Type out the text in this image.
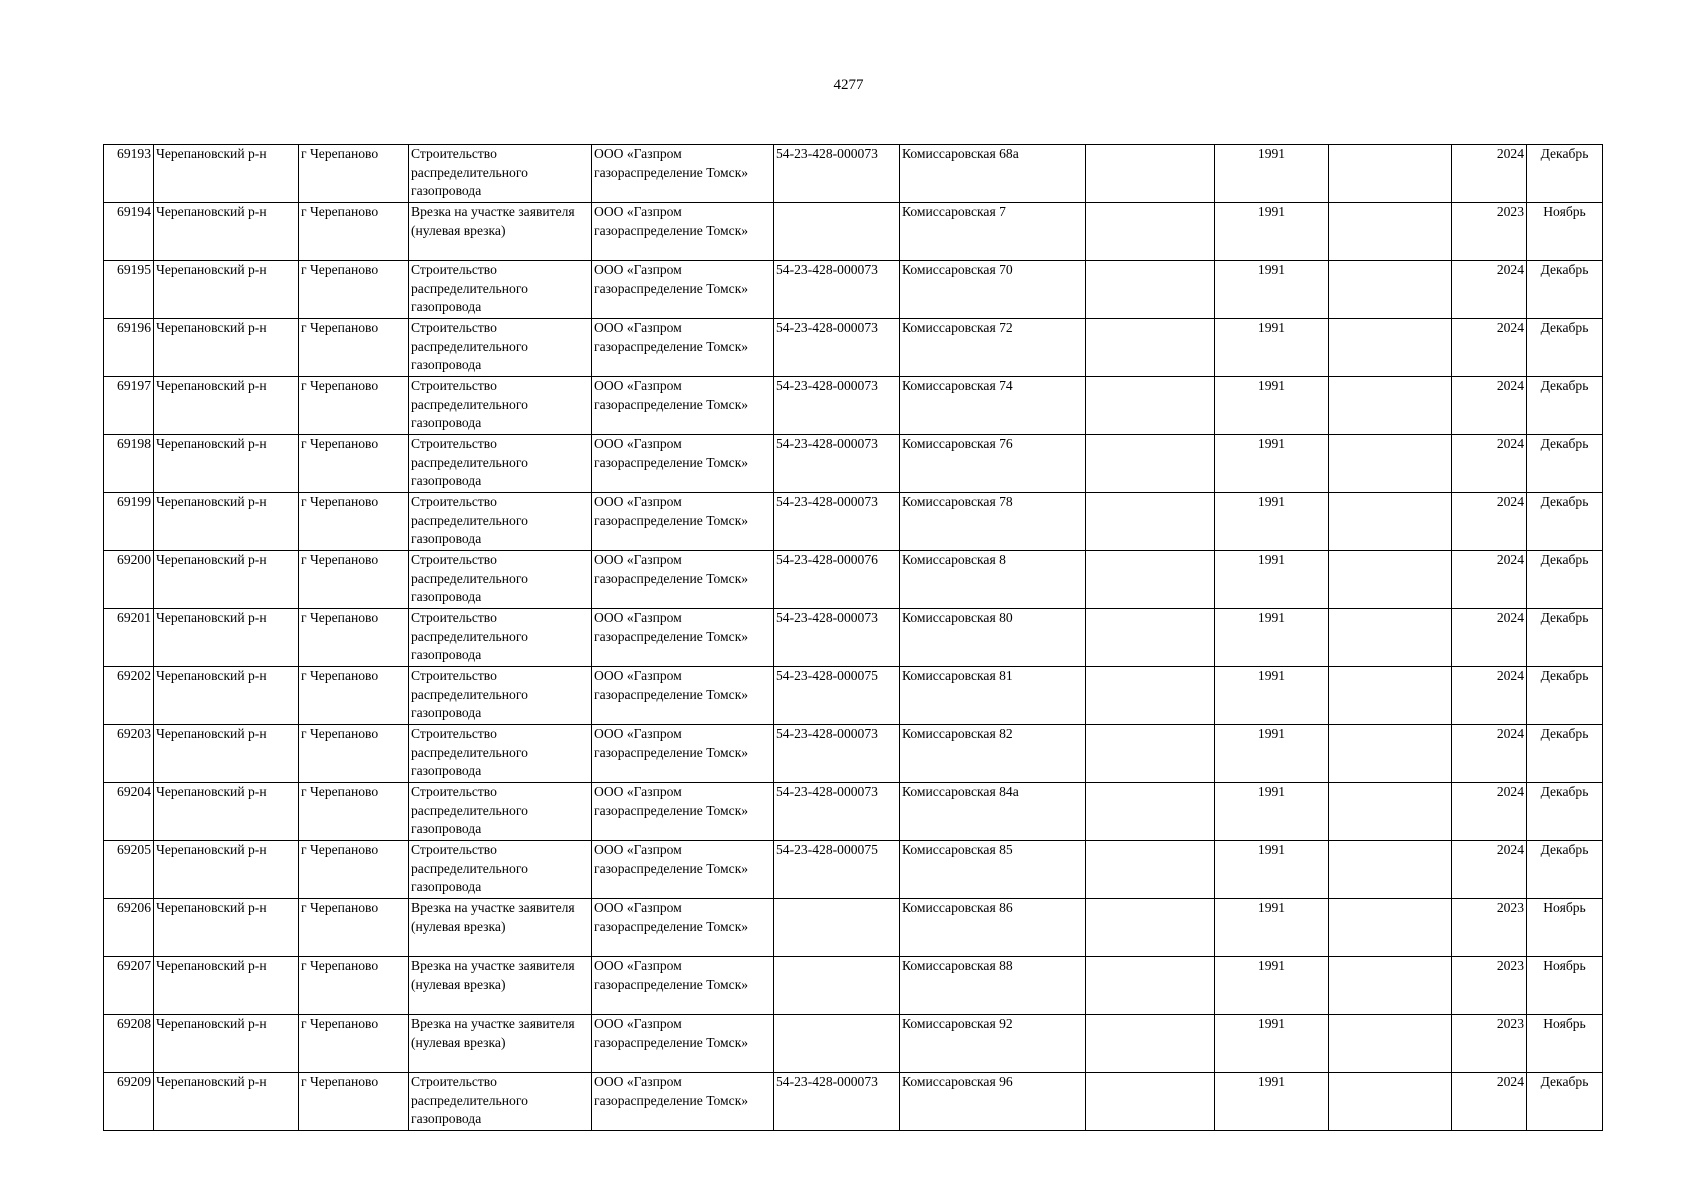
4277
69193	Черепановский р-н	г Черепаново	Строительство распределительного газопровода	ООО «Газпром газораспределение Томск»	54-23-428-000073	Комиссаровская 68а		1991		2024	Декабрь
69194	Черепановский р-н	г Черепаново	Врезка на участке заявителя (нулевая врезка)	ООО «Газпром газораспределение Томск»		Комиссаровская 7		1991		2023	Ноябрь
69195	Черепановский р-н	г Черепаново	Строительство распределительного газопровода	ООО «Газпром газораспределение Томск»	54-23-428-000073	Комиссаровская 70		1991		2024	Декабрь
69196	Черепановский р-н	г Черепаново	Строительство распределительного газопровода	ООО «Газпром газораспределение Томск»	54-23-428-000073	Комиссаровская 72		1991		2024	Декабрь
69197	Черепановский р-н	г Черепаново	Строительство распределительного газопровода	ООО «Газпром газораспределение Томск»	54-23-428-000073	Комиссаровская 74		1991		2024	Декабрь
69198	Черепановский р-н	г Черепаново	Строительство распределительного газопровода	ООО «Газпром газораспределение Томск»	54-23-428-000073	Комиссаровская 76		1991		2024	Декабрь
69199	Черепановский р-н	г Черепаново	Строительство распределительного газопровода	ООО «Газпром газораспределение Томск»	54-23-428-000073	Комиссаровская 78		1991		2024	Декабрь
69200	Черепановский р-н	г Черепаново	Строительство распределительного газопровода	ООО «Газпром газораспределение Томск»	54-23-428-000076	Комиссаровская 8		1991		2024	Декабрь
69201	Черепановский р-н	г Черепаново	Строительство распределительного газопровода	ООО «Газпром газораспределение Томск»	54-23-428-000073	Комиссаровская 80		1991		2024	Декабрь
69202	Черепановский р-н	г Черепаново	Строительство распределительного газопровода	ООО «Газпром газораспределение Томск»	54-23-428-000075	Комиссаровская 81		1991		2024	Декабрь
69203	Черепановский р-н	г Черепаново	Строительство распределительного газопровода	ООО «Газпром газораспределение Томск»	54-23-428-000073	Комиссаровская 82		1991		2024	Декабрь
69204	Черепановский р-н	г Черепаново	Строительство распределительного газопровода	ООО «Газпром газораспределение Томск»	54-23-428-000073	Комиссаровская 84а		1991		2024	Декабрь
69205	Черепановский р-н	г Черепаново	Строительство распределительного газопровода	ООО «Газпром газораспределение Томск»	54-23-428-000075	Комиссаровская 85		1991		2024	Декабрь
69206	Черепановский р-н	г Черепаново	Врезка на участке заявителя (нулевая врезка)	ООО «Газпром газораспределение Томск»		Комиссаровская 86		1991		2023	Ноябрь
69207	Черепановский р-н	г Черепаново	Врезка на участке заявителя (нулевая врезка)	ООО «Газпром газораспределение Томск»		Комиссаровская 88		1991		2023	Ноябрь
69208	Черепановский р-н	г Черепаново	Врезка на участке заявителя (нулевая врезка)	ООО «Газпром газораспределение Томск»		Комиссаровская 92		1991		2023	Ноябрь
69209	Черепановский р-н	г Черепаново	Строительство распределительного газопровода	ООО «Газпром газораспределение Томск»	54-23-428-000073	Комиссаровская 96		1991		2024	Декабрь
